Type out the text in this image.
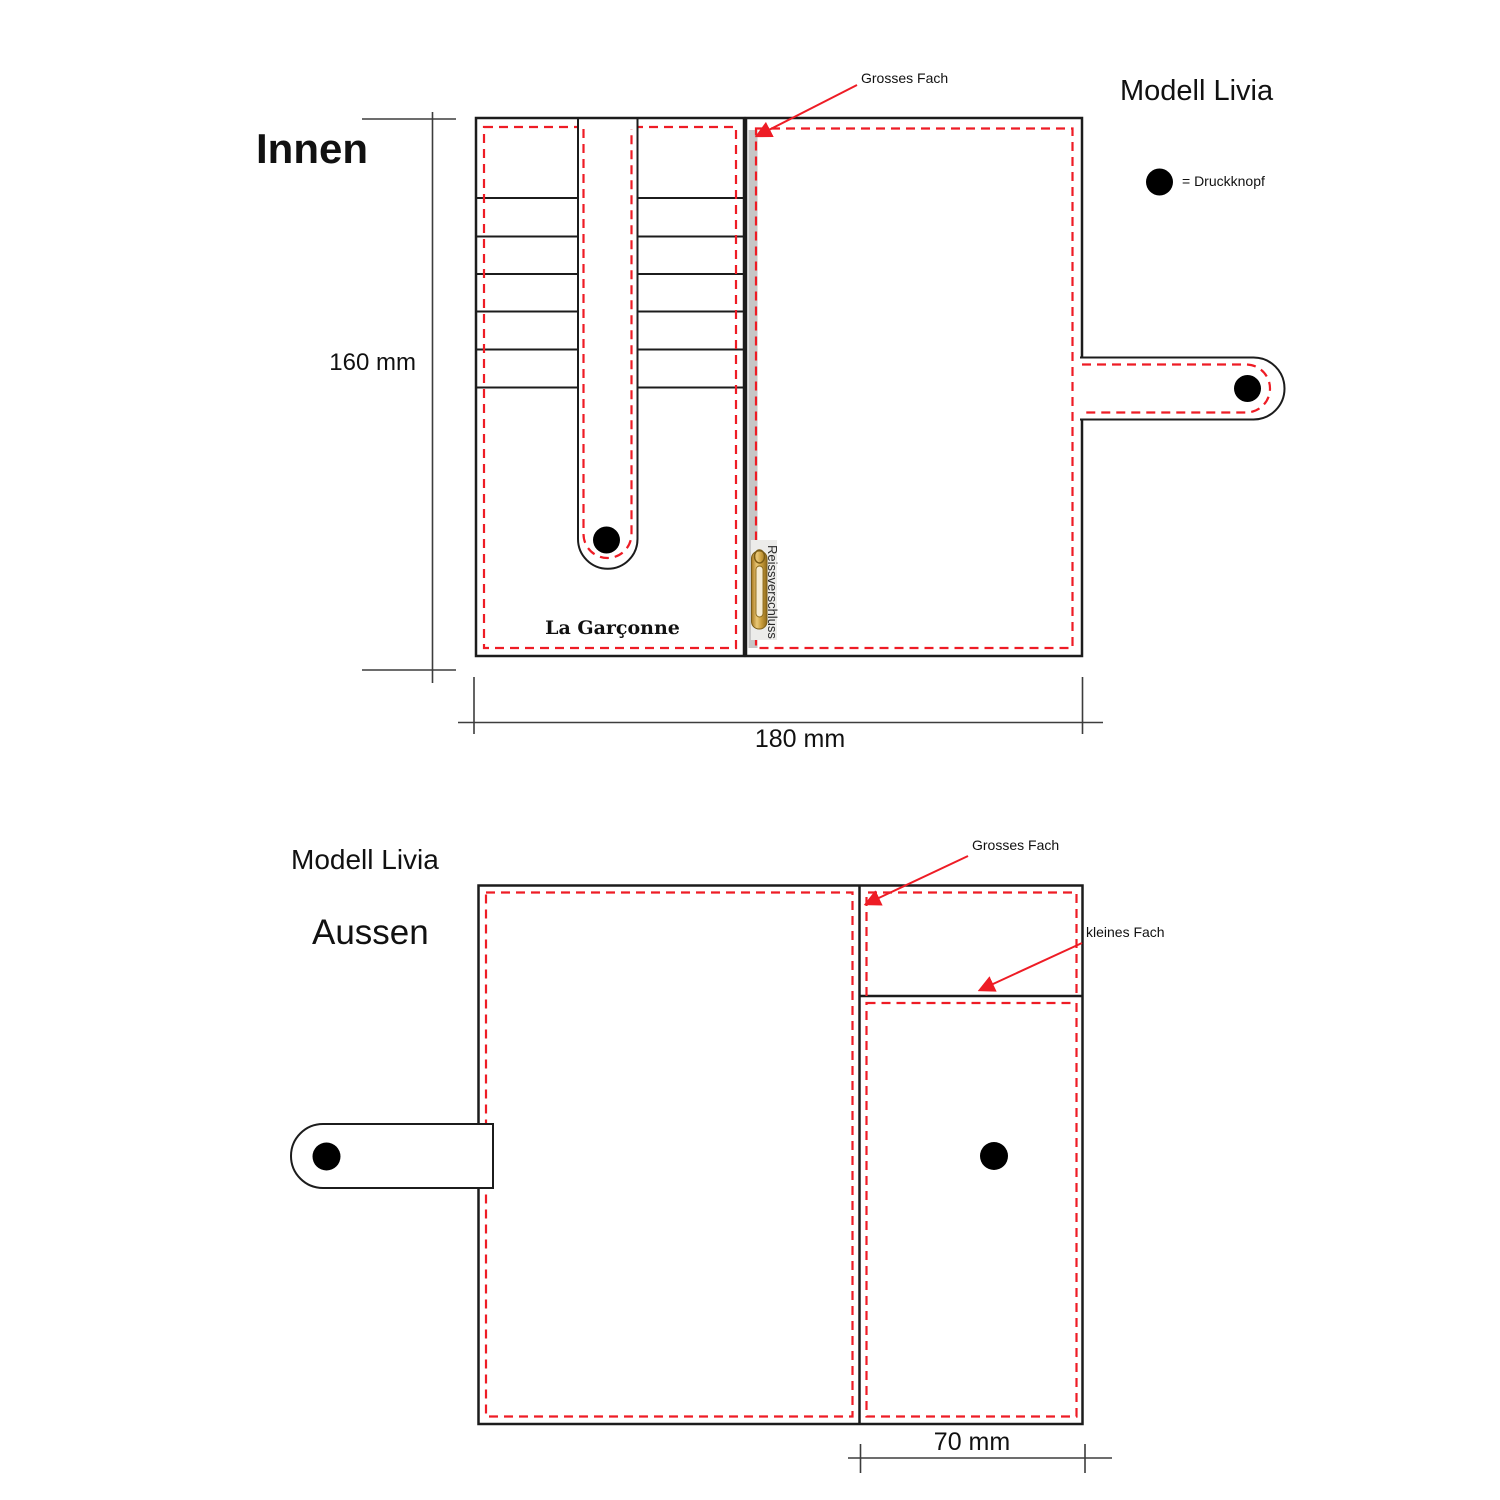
Innen
Modell Livia
= Druckknopf
Grosses Fach
Reissverschluss
La Garçonne
160 mm
180 mm
Modell Livia
Aussen
Grosses Fach
kleines Fach
70 mm
